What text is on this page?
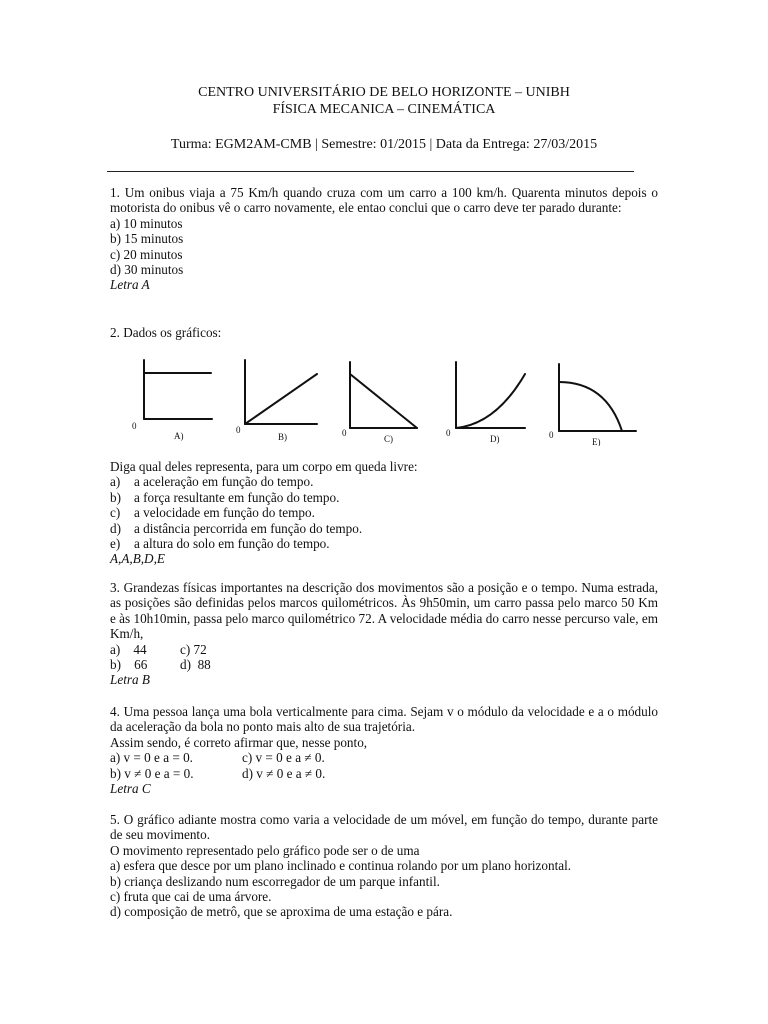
CENTRO UNIVERSITÁRIO DE BELO HORIZONTE – UNIBH
FÍSICA MECANICA – CINEMÁTICA
Turma: EGM2AM-CMB | Semestre: 01/2015 | Data da Entrega: 27/03/2015
1. Um onibus viaja a 75 Km/h quando cruza com um carro a 100 km/h. Quarenta minutos depois o motorista do onibus vê o carro novamente, ele entao conclui que o carro deve ter parado durante:
a) 10 minutos
b) 15 minutos
c) 20 minutos
d) 30 minutos
Letra A
2. Dados os gráficos:
0	0	0	0	0
A)	B)	C)	D)	E)
Diga qual deles representa, para um corpo em queda livre:
a)	a aceleração em função do tempo.
b) a força resultante em função do tempo.
c)	a velocidade em função do tempo.
d) a distância percorrida em função do tempo.
e)	a altura do solo em função do tempo.
A,A,B,D,E
3. Grandezas físicas importantes na descrição dos movimentos são a posição e o tempo. Numa estrada, as posições são definidas pelos marcos quilométricos. Às 9h50min, um carro passa pelo marco 50 Km e às 10h10min, passa pelo marco quilométrico 72. A velocidade média do carro nesse percurso vale, em Km/h,
a)    44	c) 72
b)    66	d)  88
Letra B
4. Uma pessoa lança uma bola verticalmente para cima. Sejam v o módulo da velocidade e a o módulo da aceleração da bola no ponto mais alto de sua trajetória.
Assim sendo, é correto afirmar que, nesse ponto,
a) v = 0 e a = 0.	c) v = 0 e a ≠ 0.
b) v ≠ 0 e a = 0.	d) v ≠ 0 e a ≠ 0.
Letra C
5. O gráfico adiante mostra como varia a velocidade de um móvel, em função do tempo, durante parte de seu movimento.
O movimento representado pelo gráfico pode ser o de uma
a) esfera que desce por um plano inclinado e continua rolando por um plano horizontal.
b) criança deslizando num escorregador de um parque infantil.
c) fruta que cai de uma árvore.
d) composição de metrô, que se aproxima de uma estação e pára.
